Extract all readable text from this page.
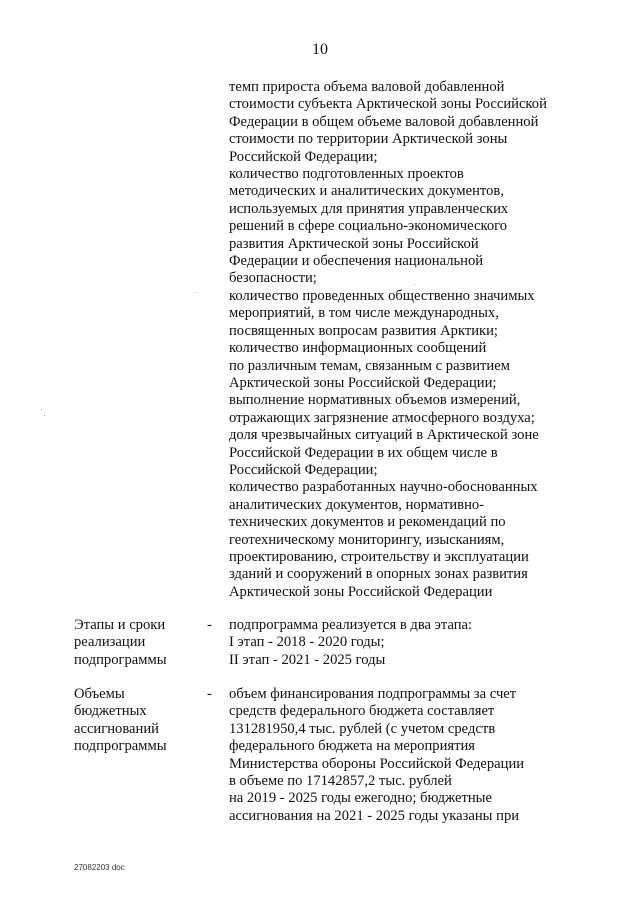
10
темп прироста объема валовой добавленной
стоимости субъекта Арктической зоны Российской
Федерации в общем объеме валовой добавленной
стоимости по территории Арктической зоны
Российской Федерации;
количество подготовленных проектов
методических и аналитических документов,
используемых для принятия управленческих
решений в сфере социально-экономического
развития Арктической зоны Российской
Федерации и обеспечения национальной
безопасности;
количество проведенных общественно значимых
мероприятий, в том числе международных,
посвященных вопросам развития Арктики;
количество информационных сообщений
по различным темам, связанным с развитием
Арктической зоны Российской Федерации;
выполнение нормативных объемов измерений,
отражающих загрязнение атмосферного воздуха;
доля чрезвычайных ситуаций в Арктической зоне
Российской Федерации в их общем числе в
Российской Федерации;
количество разработанных научно-обоснованных
аналитических документов, нормативно-
технических документов и рекомендаций по
геотехническому мониторингу, изысканиям,
проектированию, строительству и эксплуатации
зданий и сооружений в опорных зонах развития
Арктической зоны Российской Федерации
Этапы и сроки
реализации
подпрограммы
- подпрограмма реализуется в два этапа:
I этап - 2018 - 2020 годы;
II этап - 2021 - 2025 годы
Объемы
бюджетных
ассигнований
подпрограммы
- объем финансирования подпрограммы за счет
средств федерального бюджета составляет
131281950,4 тыс. рублей (с учетом средств
федерального бюджета на мероприятия
Министерства обороны Российской Федерации
в объеме по 17142857,2 тыс. рублей
на 2019 - 2025 годы ежегодно; бюджетные
ассигнования на 2021 - 2025 годы указаны при
27082203 doc
